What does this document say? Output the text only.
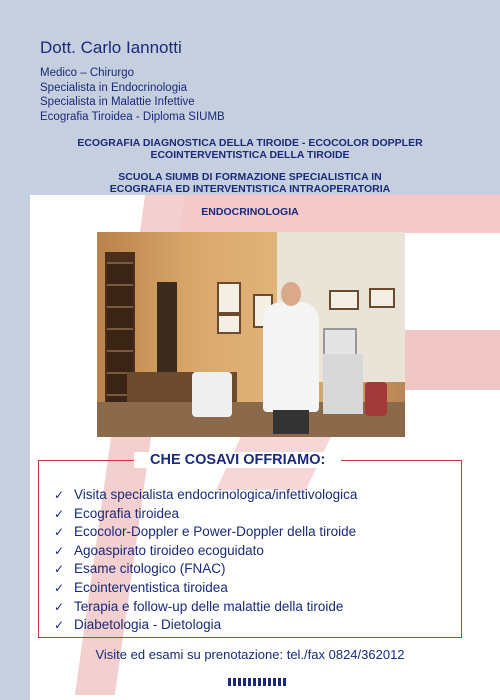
Dott. Carlo Iannotti
Medico – Chirurgo
Specialista in Endocrinologia
Specialista in Malattie Infettive
Ecografia Tiroidea - Diploma SIUMB
ECOGRAFIA DIAGNOSTICA DELLA TIROIDE - ECOCOLOR DOPPLER
ECOINTERVENTISTICA DELLA TIROIDE
SCUOLA SIUMB DI FORMAZIONE SPECIALISTICA IN
ECOGRAFIA ED INTERVENTISTICA INTRAOPERATORIA
ENDOCRINOLOGIA
CHE COSAVI OFFRIAMO:
✓ Visita specialista endocrinologica/infettivologica
✓ Ecografia tiroidea
✓ Ecocolor-Doppler e Power-Doppler della tiroide
✓ Agoaspirato tiroideo ecoguidato
✓ Esame citologico (FNAC)
✓ Ecointerventistica tiroidea
✓ Terapia e follow-up delle malattie della tiroide
✓ Diabetologia - Dietologia
Visite ed esami su prenotazione: tel./fax 0824/362012
